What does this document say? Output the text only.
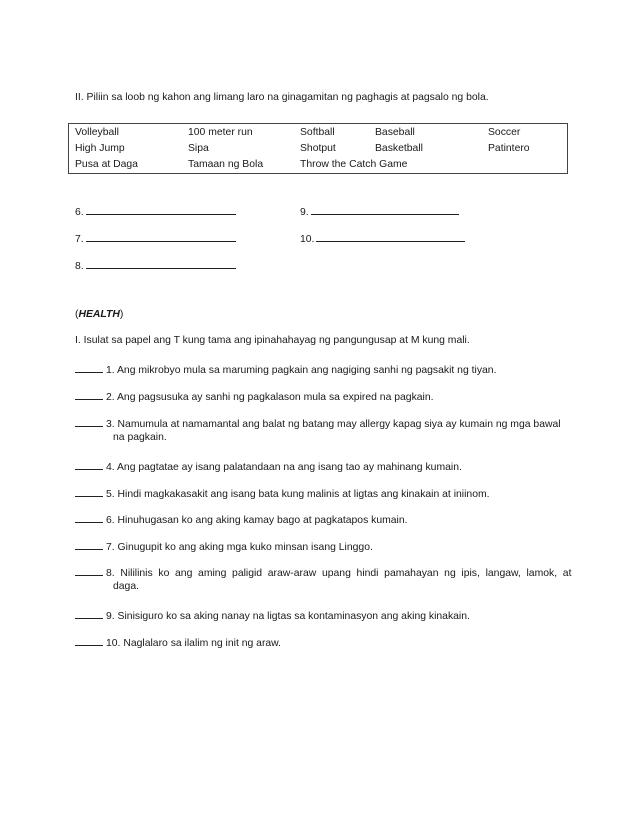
II. Piliin sa loob ng kahon ang limang laro na ginagamitan ng paghagis at pagsalo ng bola.
Volleyball	100 meter run	Softball	Baseball	Soccer
High Jump	Sipa	Shotput	Basketball	Patintero
Pusa at Daga	Tamaan ng Bola	Throw the Catch Game
6.
7.
8.
9.
10.
(HEALTH)
I. Isulat sa papel ang T kung tama ang ipinahahayag ng pangungusap at M kung mali.
1. Ang mikrobyo mula sa maruming pagkain ang nagiging sanhi ng pagsakit ng tiyan.
2. Ang pagsusuka ay sanhi ng pagkalason mula sa expired na pagkain.
3. Namumula at namamantal ang balat ng batang may allergy kapag siya ay kumain ng mga bawal
na pagkain.
4. Ang pagtatae ay isang palatandaan na ang isang tao ay mahinang kumain.
5. Hindi magkakasakit ang isang bata kung malinis at ligtas ang kinakain at iniinom.
6. Hinuhugasan ko ang aking kamay bago at pagkatapos kumain.
7. Ginugupit ko ang aking mga kuko minsan isang Linggo.
8. Nililinis ko ang aming paligid araw-araw upang hindi pamahayan ng ipis, langaw, lamok, at
daga.
9. Sinisiguro ko sa aking nanay na ligtas sa kontaminasyon ang aking kinakain.
10. Naglalaro sa ilalim ng init ng araw.
